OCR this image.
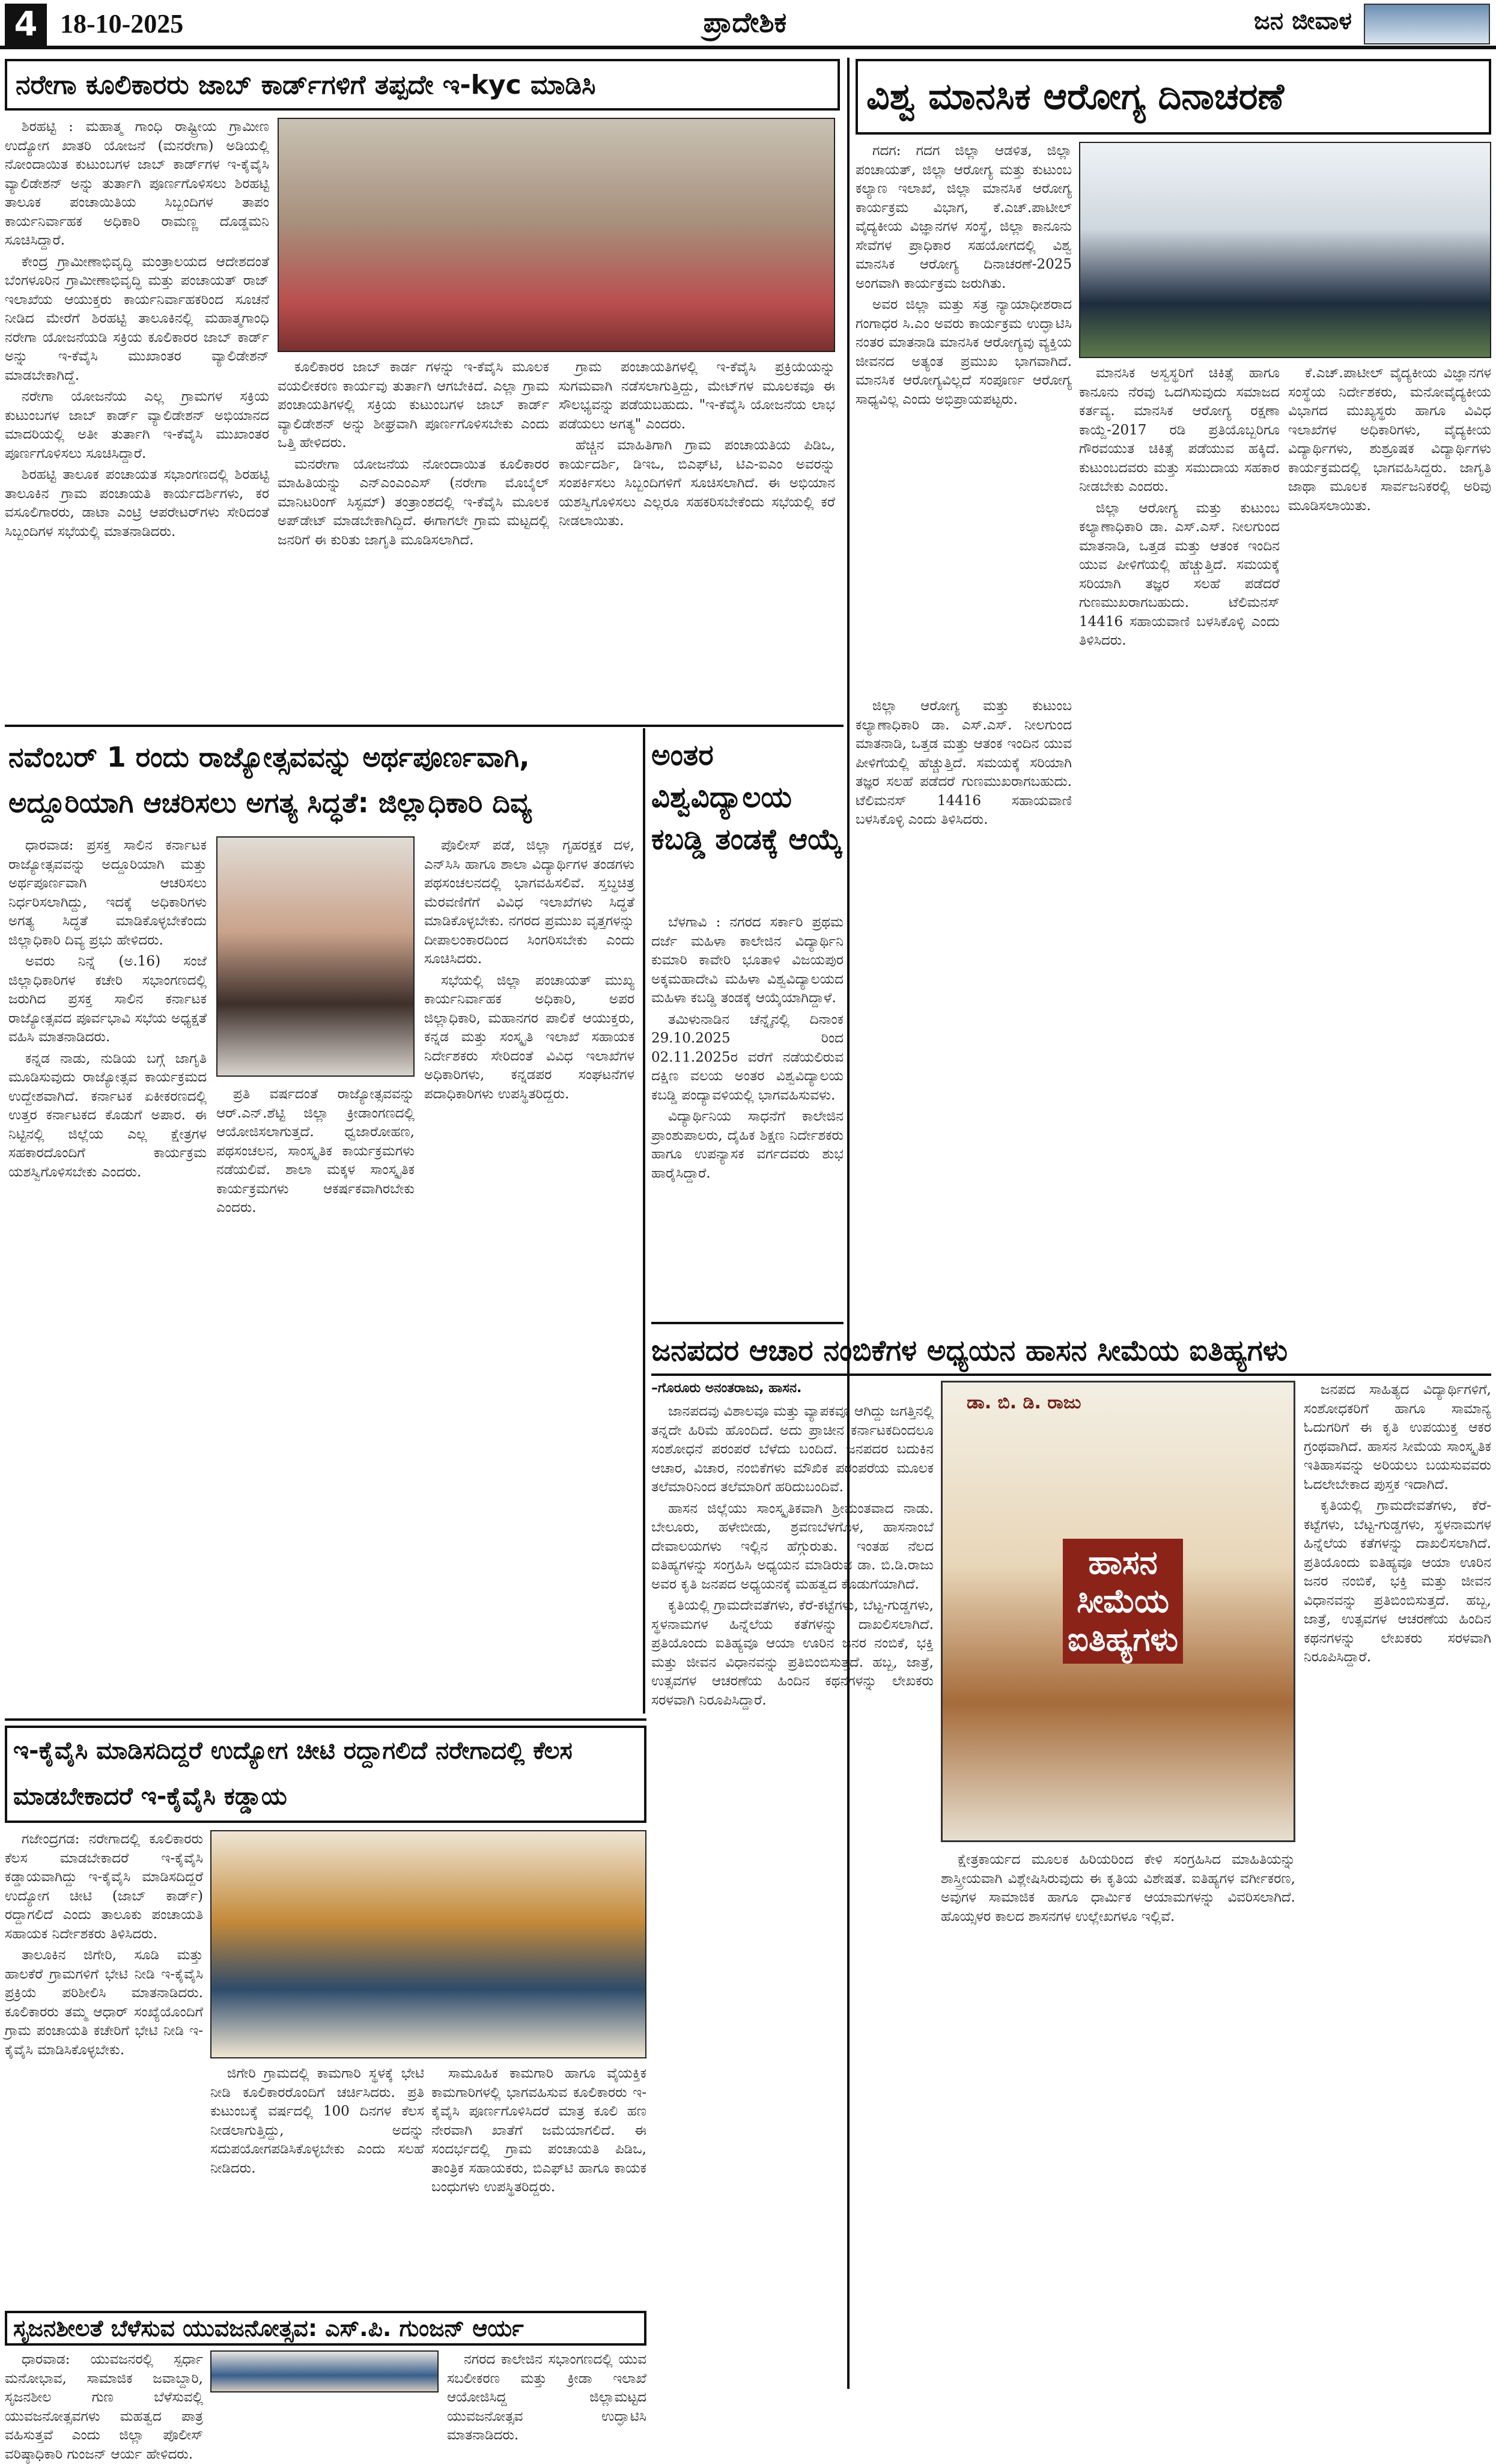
4 18-10-2025	ಪ್ರಾದೇಶಿಕ	ಜನ ಜೀವಾಳ
ನರೇಗಾ ಕೂಲಿಕಾರರು ಜಾಬ್ ಕಾರ್ಡ್‌ಗಳಿಗೆ ತಪ್ಪದೇ ಇ-kyc ಮಾಡಿಸಿ

ಶಿರಹಟ್ಟಿ : ಮಹಾತ್ಮ ಗಾಂಧಿ ರಾಷ್ಟ್ರೀಯ ಗ್ರಾಮೀಣ ಉದ್ಯೋಗ ಖಾತರಿ ಯೋಜನೆ (ಮನರೇಗಾ) ಅಡಿಯಲ್ಲಿ ನೋಂದಾಯಿತ ಕುಟುಂಬಗಳ ಜಾಬ್ ಕಾರ್ಡ್‌ಗಳ ಇ-ಕೈವೈಸಿ ವ್ಯಾಲಿಡೇಶನ್ ಅನ್ನು ತುರ್ತಾಗಿ ಪೂರ್ಣಗೊಳಿಸಲು ಶಿರಹಟ್ಟಿ ತಾಲೂಕ ಪಂಚಾಯಿತಿಯ ಸಿಬ್ಬಂದಿಗಳ ತಾಪಂ ಕಾರ್ಯನಿರ್ವಾಹಕ ಅಧಿಕಾರಿ ರಾಮಣ್ಣ ದೊಡ್ಡಮನಿ ಸೂಚಿಸಿದ್ದಾರೆ.

ಕೇಂದ್ರ ಗ್ರಾಮೀಣಾಭಿವೃದ್ಧಿ ಮಂತ್ರಾಲಯದ ಆದೇಶದಂತೆ ಬೆಂಗಳೂರಿನ ಗ್ರಾಮೀಣಾಭಿವೃದ್ಧಿ ಮತ್ತು ಪಂಚಾಯತ್ ರಾಜ್ ಇಲಾಖೆಯ ಆಯುಕ್ತರು ಕಾರ್ಯನಿರ್ವಾಹಕರಿಂದ ಸೂಚನೆ ನೀಡಿದ ಮೇರೆಗೆ ಶಿರಹಟ್ಟಿ ತಾಲೂಕಿನಲ್ಲಿ ಮಹಾತ್ಮಗಾಂಧಿ ನರೇಗಾ ಯೋಜನೆಯಡಿ ಸಕ್ರಿಯ ಕೂಲಿಕಾರರ ಜಾಬ್ ಕಾರ್ಡ್ ಅನ್ನು ಇ-ಕೆವೈಸಿ ಮುಖಾಂತರ ವ್ಯಾಲಿಡೇಶನ್ ಮಾಡಬೇಕಾಗಿದ್ದೆ.

ನರೇಗಾ ಯೋಜನೆಯ ಎಲ್ಲ ಗ್ರಾಮಗಳ ಸಕ್ರಿಯ ಕುಟುಂಬಗಳ ಜಾಬ್ ಕಾರ್ಡ್ ವ್ಯಾಲಿಡೇಶನ್ ಅಭಿಯಾನದ ಮಾದರಿಯಲ್ಲಿ ಅತೀ ತುರ್ತಾಗಿ ಇ-ಕೆವೈಸಿ ಮುಖಾಂತರ ಪೂರ್ಣಗೊಳಿಸಲು ಸೂಚಿಸಿದ್ದಾರೆ.

ಶಿರಹಟ್ಟಿ ತಾಲೂಕ ಪಂಚಾಯತ ಸಭಾಂಗಣದಲ್ಲಿ ಶಿರಹಟ್ಟಿ ತಾಲೂಕಿನ ಗ್ರಾಮ ಪಂಚಾಯತಿ ಕಾರ್ಯದರ್ಶಿಗಳು, ಕರ ವಸೂಲಿಗಾರರು, ಡಾಟಾ ಎಂಟ್ರಿ ಆಪರೇಟರ್‌ಗಳು ಸೇರಿದಂತೆ ಸಿಬ್ಬಂದಿಗಳ ಸಭೆಯಲ್ಲಿ ಮಾತನಾಡಿದರು.

ಕೂಲಿಕಾರರ ಜಾಬ್ ಕಾರ್ಡ ಗಳನ್ನು ಇ-ಕೆವೈಸಿ ಮೂಲಕ ವಯಲೀಕರಣ ಕಾರ್ಯವು ತುರ್ತಾಗಿ ಆಗಬೇಕಿದೆ. ಎಲ್ಲಾ ಗ್ರಾಮ ಪಂಚಾಯತಿಗಳಲ್ಲಿ ಸಕ್ರಿಯ ಕುಟುಂಬಗಳ ಜಾಬ್ ಕಾರ್ಡ್ ವ್ಯಾಲಿಡೇಶನ್ ಅನ್ನು ಶೀಘ್ರವಾಗಿ ಪೂರ್ಣಗೊಳಿಸಬೇಕು ಎಂದು ಒತ್ತಿ ಹೇಳಿದರು.

ಮನರೇಗಾ ಯೋಜನೆಯ ನೋಂದಾಯಿತ ಕೂಲಿಕಾರರ ಮಾಹಿತಿಯನ್ನು ಎನ್‌ಎಂಎಂಎಸ್ (ನರೇಗಾ ಮೊಬೈಲ್ ಮಾನಿಟರಿಂಗ್ ಸಿಸ್ಟಮ್) ತಂತ್ರಾಂಶದಲ್ಲಿ ಇ-ಕೆವೈಸಿ ಮೂಲಕ ಅಪ್‌ಡೇಟ್ ಮಾಡಬೇಕಾಗಿದ್ದಿದೆ. ಈಗಾಗಲೇ ಗ್ರಾಮ ಮಟ್ಟದಲ್ಲಿ ಜನರಿಗೆ ಈ ಕುರಿತು ಜಾಗೃತಿ ಮೂಡಿಸಲಾಗಿದೆ.

ಗ್ರಾಮ ಪಂಚಾಯತಿಗಳಲ್ಲಿ ಇ-ಕೆವೈಸಿ ಪ್ರಕ್ರಿಯೆಯನ್ನು ಸುಗಮವಾಗಿ ನಡೆಸಲಾಗುತ್ತಿದ್ದು, ಮೇಟ್‌ಗಳ ಮೂಲಕವೂ ಈ ಸೌಲಭ್ಯವನ್ನು ಪಡೆಯಬಹುದು. "ಇ-ಕೆವೈಸಿ ಯೋಜನೆಯ ಲಾಭ ಪಡೆಯಲು ಅಗತ್ಯ" ಎಂದರು.

ಹೆಚ್ಚಿನ ಮಾಹಿತಿಗಾಗಿ ಗ್ರಾಮ ಪಂಚಾಯತಿಯ ಪಿಡಿಒ, ಕಾರ್ಯದರ್ಶಿ, ಡಿಇಒ, ಬಿಎಫ್‌ಟಿ, ಟಿಎ-ಐಎಂ ಅವರನ್ನು ಸಂಪರ್ಕಿಸಲು ಸಿಬ್ಬಂದಿಗಳಿಗೆ ಸೂಚಿಸಲಾಗಿದೆ. ಈ ಅಭಿಯಾನ ಯಶಸ್ವಿಗೊಳಿಸಲು ಎಲ್ಲರೂ ಸಹಕರಿಸಬೇಕೆಂದು ಸಭೆಯಲ್ಲಿ ಕರೆ ನೀಡಲಾಯಿತು.

ವಿಶ್ವ ಮಾನಸಿಕ ಆರೋಗ್ಯ ದಿನಾಚರಣೆ

ಗದಗ: ಗದಗ ಜಿಲ್ಲಾ ಆಡಳಿತ, ಜಿಲ್ಲಾ ಪಂಚಾಯತ್, ಜಿಲ್ಲಾ ಆರೋಗ್ಯ ಮತ್ತು ಕುಟುಂಬ ಕಲ್ಯಾಣ ಇಲಾಖೆ, ಜಿಲ್ಲಾ ಮಾನಸಿಕ ಆರೋಗ್ಯ ಕಾರ್ಯಕ್ರಮ ವಿಭಾಗ, ಕೆ.ಎಚ್.ಪಾಟೀಲ್ ವೈದ್ಯಕೀಯ ವಿಜ್ಞಾನಗಳ ಸಂಸ್ಥೆ, ಜಿಲ್ಲಾ ಕಾನೂನು ಸೇವೆಗಳ ಪ್ರಾಧಿಕಾರ ಸಹಯೋಗದಲ್ಲಿ ವಿಶ್ವ ಮಾನಸಿಕ ಆರೋಗ್ಯ ದಿನಾಚರಣೆ-2025 ಅಂಗವಾಗಿ ಕಾರ್ಯಕ್ರಮ ಜರುಗಿತು.

ಅವರ ಜಿಲ್ಲಾ ಮತ್ತು ಸತ್ರ ನ್ಯಾಯಾಧೀಶರಾದ ಗಂಗಾಧರ ಸಿ.ಎಂ ಅವರು ಕಾರ್ಯಕ್ರಮ ಉದ್ಘಾಟಿಸಿ ನಂತರ ಮಾತನಾಡಿ ಮಾನಸಿಕ ಆರೋಗ್ಯವು ವ್ಯಕ್ತಿಯ ಜೀವನದ ಅತ್ಯಂತ ಪ್ರಮುಖ ಭಾಗವಾಗಿದೆ. ಮಾನಸಿಕ ಆರೋಗ್ಯವಿಲ್ಲದೆ ಸಂಪೂರ್ಣ ಆರೋಗ್ಯ ಸಾಧ್ಯವಿಲ್ಲ ಎಂದು ಅಭಿಪ್ರಾಯಪಟ್ಟರು.

ಮಾನಸಿಕ ಅಸ್ವಸ್ಥರಿಗೆ ಚಿಕಿತ್ಸೆ ಹಾಗೂ ಕಾನೂನು ನೆರವು ಒದಗಿಸುವುದು ಸಮಾಜದ ಕರ್ತವ್ಯ. ಮಾನಸಿಕ ಆರೋಗ್ಯ ರಕ್ಷಣಾ ಕಾಯ್ದೆ-2017 ರಡಿ ಪ್ರತಿಯೊಬ್ಬರಿಗೂ ಗೌರವಯುತ ಚಿಕಿತ್ಸೆ ಪಡೆಯುವ ಹಕ್ಕಿದೆ. ಕುಟುಂಬದವರು ಮತ್ತು ಸಮುದಾಯ ಸಹಕಾರ ನೀಡಬೇಕು ಎಂದರು.

ಜಿಲ್ಲಾ ಆರೋಗ್ಯ ಮತ್ತು ಕುಟುಂಬ ಕಲ್ಯಾಣಾಧಿಕಾರಿ ಡಾ. ಎಸ್.ಎಸ್. ನೀಲಗುಂದ ಮಾತನಾಡಿ, ಒತ್ತಡ ಮತ್ತು ಆತಂಕ ಇಂದಿನ ಯುವ ಪೀಳಿಗೆಯಲ್ಲಿ ಹೆಚ್ಚುತ್ತಿದೆ. ಸಮಯಕ್ಕೆ ಸರಿಯಾಗಿ ತಜ್ಞರ ಸಲಹೆ ಪಡೆದರೆ ಗುಣಮುಖರಾಗಬಹುದು. ಟೆಲಿಮನಸ್ 14416 ಸಹಾಯವಾಣಿ ಬಳಸಿಕೊಳ್ಳಿ ಎಂದು ತಿಳಿಸಿದರು.

ಕೆ.ಎಚ್.ಪಾಟೀಲ್ ವೈದ್ಯಕೀಯ ವಿಜ್ಞಾನಗಳ ಸಂಸ್ಥೆಯ ನಿರ್ದೇಶಕರು, ಮನೋವೈದ್ಯಕೀಯ ವಿಭಾಗದ ಮುಖ್ಯಸ್ಥರು ಹಾಗೂ ವಿವಿಧ ಇಲಾಖೆಗಳ ಅಧಿಕಾರಿಗಳು, ವೈದ್ಯಕೀಯ ವಿದ್ಯಾರ್ಥಿಗಳು, ಶುಶ್ರೂಷಕ ವಿದ್ಯಾರ್ಥಿಗಳು ಕಾರ್ಯಕ್ರಮದಲ್ಲಿ ಭಾಗವಹಿಸಿದ್ದರು. ಜಾಗೃತಿ ಜಾಥಾ ಮೂಲಕ ಸಾರ್ವಜನಿಕರಲ್ಲಿ ಅರಿವು ಮೂಡಿಸಲಾಯಿತು.

ಜಿಲ್ಲಾ ಆರೋಗ್ಯ ಮತ್ತು ಕುಟುಂಬ ಕಲ್ಯಾಣಾಧಿಕಾರಿ ಡಾ. ಎಸ್.ಎಸ್. ನೀಲಗುಂದ ಮಾತನಾಡಿ, ಒತ್ತಡ ಮತ್ತು ಆತಂಕ ಇಂದಿನ ಯುವ ಪೀಳಿಗೆಯಲ್ಲಿ ಹೆಚ್ಚುತ್ತಿದೆ. ಸಮಯಕ್ಕೆ ಸರಿಯಾಗಿ ತಜ್ಞರ ಸಲಹೆ ಪಡೆದರೆ ಗುಣಮುಖರಾಗಬಹುದು. ಟೆಲಿಮನಸ್ 14416 ಸಹಾಯವಾಣಿ ಬಳಸಿಕೊಳ್ಳಿ ಎಂದು ತಿಳಿಸಿದರು.

ನವೆಂಬರ್ 1 ರಂದು ರಾಜ್ಯೋತ್ಸವವನ್ನು ಅರ್ಥಪೂರ್ಣವಾಗಿ, ಅದ್ದೂರಿಯಾಗಿ ಆಚರಿಸಲು ಅಗತ್ಯ ಸಿದ್ಧತೆ: ಜಿಲ್ಲಾಧಿಕಾರಿ ದಿವ್ಯ

ಧಾರವಾಡ: ಪ್ರಸಕ್ತ ಸಾಲಿನ ಕರ್ನಾಟಕ ರಾಜ್ಯೋತ್ಸವವನ್ನು ಅದ್ದೂರಿಯಾಗಿ ಮತ್ತು ಅರ್ಥಪೂರ್ಣವಾಗಿ ಆಚರಿಸಲು ನಿರ್ಧರಿಸಲಾಗಿದ್ದು, ಇದಕ್ಕೆ ಅಧಿಕಾರಿಗಳು ಅಗತ್ಯ ಸಿದ್ಧತೆ ಮಾಡಿಕೊಳ್ಳಬೇಕೆಂದು ಜಿಲ್ಲಾಧಿಕಾರಿ ದಿವ್ಯ ಪ್ರಭು ಹೇಳಿದರು.

ಅವರು ನಿನ್ನೆ (ಅ.16) ಸಂಜೆ ಜಿಲ್ಲಾಧಿಕಾರಿಗಳ ಕಚೇರಿ ಸಭಾಂಗಣದಲ್ಲಿ ಜರುಗಿದ ಪ್ರಸಕ್ತ ಸಾಲಿನ ಕರ್ನಾಟಕ ರಾಜ್ಯೋತ್ಸವದ ಪೂರ್ವಭಾವಿ ಸಭೆಯ ಅಧ್ಯಕ್ಷತೆ ವಹಿಸಿ ಮಾತನಾಡಿದರು.

ಕನ್ನಡ ನಾಡು, ನುಡಿಯ ಬಗ್ಗೆ ಜಾಗೃತಿ ಮೂಡಿಸುವುದು ರಾಜ್ಯೋತ್ಸವ ಕಾರ್ಯಕ್ರಮದ ಉದ್ದೇಶವಾಗಿದೆ. ಕರ್ನಾಟಕ ಏಕೀಕರಣದಲ್ಲಿ ಉತ್ತರ ಕರ್ನಾಟಕದ ಕೊಡುಗೆ ಅಪಾರ. ಈ ನಿಟ್ಟಿನಲ್ಲಿ ಜಿಲ್ಲೆಯ ಎಲ್ಲ ಕ್ಷೇತ್ರಗಳ ಸಹಕಾರದೊಂದಿಗೆ ಕಾರ್ಯಕ್ರಮ ಯಶಸ್ವಿಗೊಳಿಸಬೇಕು ಎಂದರು.

ಪ್ರತಿ ವರ್ಷದಂತೆ ರಾಜ್ಯೋತ್ಸವವನ್ನು ಆರ್.ಎನ್.ಶೆಟ್ಟಿ ಜಿಲ್ಲಾ ಕ್ರೀಡಾಂಗಣದಲ್ಲಿ ಆಯೋಜಿಸಲಾಗುತ್ತದೆ. ಧ್ವಜಾರೋಹಣ, ಪಥಸಂಚಲನ, ಸಾಂಸ್ಕೃತಿಕ ಕಾರ್ಯಕ್ರಮಗಳು ನಡೆಯಲಿವೆ. ಶಾಲಾ ಮಕ್ಕಳ ಸಾಂಸ್ಕೃತಿಕ ಕಾರ್ಯಕ್ರಮಗಳು ಆಕರ್ಷಕವಾಗಿರಬೇಕು ಎಂದರು.

ಪೊಲೀಸ್ ಪಡೆ, ಜಿಲ್ಲಾ ಗೃಹರಕ್ಷಕ ದಳ, ಎನ್‌ಸಿಸಿ ಹಾಗೂ ಶಾಲಾ ವಿದ್ಯಾರ್ಥಿಗಳ ತಂಡಗಳು ಪಥಸಂಚಲನದಲ್ಲಿ ಭಾಗವಹಿಸಲಿವೆ. ಸ್ತಬ್ಧಚಿತ್ರ ಮೆರವಣಿಗೆಗೆ ವಿವಿಧ ಇಲಾಖೆಗಳು ಸಿದ್ಧತೆ ಮಾಡಿಕೊಳ್ಳಬೇಕು. ನಗರದ ಪ್ರಮುಖ ವೃತ್ತಗಳನ್ನು ದೀಪಾಲಂಕಾರದಿಂದ ಸಿಂಗರಿಸಬೇಕು ಎಂದು ಸೂಚಿಸಿದರು.

ಸಭೆಯಲ್ಲಿ ಜಿಲ್ಲಾ ಪಂಚಾಯತ್ ಮುಖ್ಯ ಕಾರ್ಯನಿರ್ವಾಹಕ ಅಧಿಕಾರಿ, ಅಪರ ಜಿಲ್ಲಾಧಿಕಾರಿ, ಮಹಾನಗರ ಪಾಲಿಕೆ ಆಯುಕ್ತರು, ಕನ್ನಡ ಮತ್ತು ಸಂಸ್ಕೃತಿ ಇಲಾಖೆ ಸಹಾಯಕ ನಿರ್ದೇಶಕರು ಸೇರಿದಂತೆ ವಿವಿಧ ಇಲಾಖೆಗಳ ಅಧಿಕಾರಿಗಳು, ಕನ್ನಡಪರ ಸಂಘಟನೆಗಳ ಪದಾಧಿಕಾರಿಗಳು ಉಪಸ್ಥಿತರಿದ್ದರು.

ಅಂತರ ವಿಶ್ವವಿದ್ಯಾಲಯ ಕಬಡ್ಡಿ ತಂಡಕ್ಕೆ ಆಯ್ಕೆ

ಬೆಳಗಾವಿ : ನಗರದ ಸರ್ಕಾರಿ ಪ್ರಥಮ ದರ್ಜೆ ಮಹಿಳಾ ಕಾಲೇಜಿನ ವಿದ್ಯಾರ್ಥಿನಿ ಕುಮಾರಿ ಕಾವೇರಿ ಭೂತಾಳಿ ವಿಜಯಪುರ ಅಕ್ಕಮಹಾದೇವಿ ಮಹಿಳಾ ವಿಶ್ವವಿದ್ಯಾಲಯದ ಮಹಿಳಾ ಕಬಡ್ಡಿ ತಂಡಕ್ಕೆ ಆಯ್ಕೆಯಾಗಿದ್ದಾಳೆ.

ತಮಿಳುನಾಡಿನ ಚೆನ್ನೈನಲ್ಲಿ ದಿನಾಂಕ 29.10.2025 ರಿಂದ 02.11.2025ರ ವರೆಗೆ ನಡೆಯಲಿರುವ ದಕ್ಷಿಣ ವಲಯ ಅಂತರ ವಿಶ್ವವಿದ್ಯಾಲಯ ಕಬಡ್ಡಿ ಪಂದ್ಯಾವಳಿಯಲ್ಲಿ ಭಾಗವಹಿಸುವಳು.

ವಿದ್ಯಾರ್ಥಿನಿಯ ಸಾಧನೆಗೆ ಕಾಲೇಜಿನ ಪ್ರಾಂಶುಪಾಲರು, ದೈಹಿಕ ಶಿಕ್ಷಣ ನಿರ್ದೇಶಕರು ಹಾಗೂ ಉಪನ್ಯಾಸಕ ವರ್ಗದವರು ಶುಭ ಹಾರೈಸಿದ್ದಾರೆ.

ಜನಪದರ ಆಚಾರ ನಂಬಿಕೆಗಳ ಅಧ್ಯಯನ ಹಾಸನ ಸೀಮೆಯ ಐತಿಹ್ಯಗಳು
–ಗೊರೂರು ಅನಂತರಾಜು, ಹಾಸನ.

ಜಾನಪದವು ವಿಶಾಲವೂ ಮತ್ತು ವ್ಯಾಪಕವೂ ಆಗಿದ್ದು ಜಗತ್ತಿನಲ್ಲಿ ತನ್ನದೇ ಹಿರಿಮೆ ಹೊಂದಿದೆ. ಅದು ಪ್ರಾಚೀನ ಕರ್ನಾಟಕದಿಂದಲೂ ಸಂಶೋಧನೆ ಪರಂಪರೆ ಬೆಳೆದು ಬಂದಿದೆ. ಜನಪದರ ಬದುಕಿನ ಆಚಾರ, ವಿಚಾರ, ನಂಬಿಕೆಗಳು ಮೌಖಿಕ ಪರಂಪರೆಯ ಮೂಲಕ ತಲೆಮಾರಿನಿಂದ ತಲೆಮಾರಿಗೆ ಹರಿದುಬಂದಿವೆ.

ಹಾಸನ ಜಿಲ್ಲೆಯು ಸಾಂಸ್ಕೃತಿಕವಾಗಿ ಶ್ರೀಮಂತವಾದ ನಾಡು. ಬೇಲೂರು, ಹಳೇಬೀಡು, ಶ್ರವಣಬೆಳಗೊಳ, ಹಾಸನಾಂಬೆ ದೇವಾಲಯಗಳು ಇಲ್ಲಿನ ಹೆಗ್ಗುರುತು. ಇಂತಹ ನೆಲದ ಐತಿಹ್ಯಗಳನ್ನು ಸಂಗ್ರಹಿಸಿ ಅಧ್ಯಯನ ಮಾಡಿರುವ ಡಾ. ಬಿ.ಡಿ.ರಾಜು ಅವರ ಕೃತಿ ಜನಪದ ಅಧ್ಯಯನಕ್ಕೆ ಮಹತ್ವದ ಕೊಡುಗೆಯಾಗಿದೆ.

ಕೃತಿಯಲ್ಲಿ ಗ್ರಾಮದೇವತೆಗಳು, ಕೆರೆ-ಕಟ್ಟೆಗಳು, ಬೆಟ್ಟ-ಗುಡ್ಡಗಳು, ಸ್ಥಳನಾಮಗಳ ಹಿನ್ನೆಲೆಯ ಕತೆಗಳನ್ನು ದಾಖಲಿಸಲಾಗಿದೆ. ಪ್ರತಿಯೊಂದು ಐತಿಹ್ಯವೂ ಆಯಾ ಊರಿನ ಜನರ ನಂಬಿಕೆ, ಭಕ್ತಿ ಮತ್ತು ಜೀವನ ವಿಧಾನವನ್ನು ಪ್ರತಿಬಿಂಬಿಸುತ್ತದೆ. ಹಬ್ಬ, ಜಾತ್ರೆ, ಉತ್ಸವಗಳ ಆಚರಣೆಯ ಹಿಂದಿನ ಕಥನಗಳನ್ನು ಲೇಖಕರು ಸರಳವಾಗಿ ನಿರೂಪಿಸಿದ್ದಾರೆ.

ಡಾ. ಬಿ. ಡಿ. ರಾಜು
ಹಾಸನ ಸೀಮೆಯ ಐತಿಹ್ಯಗಳು

ಕ್ಷೇತ್ರಕಾರ್ಯದ ಮೂಲಕ ಹಿರಿಯರಿಂದ ಕೇಳಿ ಸಂಗ್ರಹಿಸಿದ ಮಾಹಿತಿಯನ್ನು ಶಾಸ್ತ್ರೀಯವಾಗಿ ವಿಶ್ಲೇಷಿಸಿರುವುದು ಈ ಕೃತಿಯ ವಿಶೇಷತೆ. ಐತಿಹ್ಯಗಳ ವರ್ಗೀಕರಣ, ಅವುಗಳ ಸಾಮಾಜಿಕ ಹಾಗೂ ಧಾರ್ಮಿಕ ಆಯಾಮಗಳನ್ನು ವಿವರಿಸಲಾಗಿದೆ. ಹೊಯ್ಸಳರ ಕಾಲದ ಶಾಸನಗಳ ಉಲ್ಲೇಖಗಳೂ ಇಲ್ಲಿವೆ.

ಜನಪದ ಸಾಹಿತ್ಯದ ವಿದ್ಯಾರ್ಥಿಗಳಿಗೆ, ಸಂಶೋಧಕರಿಗೆ ಹಾಗೂ ಸಾಮಾನ್ಯ ಓದುಗರಿಗೆ ಈ ಕೃತಿ ಉಪಯುಕ್ತ ಆಕರ ಗ್ರಂಥವಾಗಿದೆ. ಹಾಸನ ಸೀಮೆಯ ಸಾಂಸ್ಕೃತಿಕ ಇತಿಹಾಸವನ್ನು ಅರಿಯಲು ಬಯಸುವವರು ಓದಲೇಬೇಕಾದ ಪುಸ್ತಕ ಇದಾಗಿದೆ.

ಕೃತಿಯಲ್ಲಿ ಗ್ರಾಮದೇವತೆಗಳು, ಕೆರೆ-ಕಟ್ಟೆಗಳು, ಬೆಟ್ಟ-ಗುಡ್ಡಗಳು, ಸ್ಥಳನಾಮಗಳ ಹಿನ್ನೆಲೆಯ ಕತೆಗಳನ್ನು ದಾಖಲಿಸಲಾಗಿದೆ. ಪ್ರತಿಯೊಂದು ಐತಿಹ್ಯವೂ ಆಯಾ ಊರಿನ ಜನರ ನಂಬಿಕೆ, ಭಕ್ತಿ ಮತ್ತು ಜೀವನ ವಿಧಾನವನ್ನು ಪ್ರತಿಬಿಂಬಿಸುತ್ತದೆ. ಹಬ್ಬ, ಜಾತ್ರೆ, ಉತ್ಸವಗಳ ಆಚರಣೆಯ ಹಿಂದಿನ ಕಥನಗಳನ್ನು ಲೇಖಕರು ಸರಳವಾಗಿ ನಿರೂಪಿಸಿದ್ದಾರೆ.

ಇ-ಕೈವೈಸಿ ಮಾಡಿಸದಿದ್ದರೆ ಉದ್ಯೋಗ ಚೀಟಿ ರದ್ದಾಗಲಿದೆ ನರೇಗಾದಲ್ಲಿ ಕೆಲಸ ಮಾಡಬೇಕಾದರೆ ಇ-ಕೈವೈಸಿ ಕಡ್ಡಾಯ

ಗಜೇಂದ್ರಗಡ: ನರೇಗಾದಲ್ಲಿ ಕೂಲಿಕಾರರು ಕೆಲಸ ಮಾಡಬೇಕಾದರೆ ಇ-ಕೈವೈಸಿ ಕಡ್ಡಾಯವಾಗಿದ್ದು ಇ-ಕೈವೈಸಿ ಮಾಡಿಸದಿದ್ದರೆ ಉದ್ಯೋಗ ಚೀಟಿ (ಜಾಬ್ ಕಾರ್ಡ್) ರದ್ದಾಗಲಿದೆ ಎಂದು ತಾಲೂಕು ಪಂಚಾಯತಿ ಸಹಾಯಕ ನಿರ್ದೇಶಕರು ತಿಳಿಸಿದರು.

ತಾಲೂಕಿನ ಜಿಗೇರಿ, ಸೂಡಿ ಮತ್ತು ಹಾಲಕೆರೆ ಗ್ರಾಮಗಳಿಗೆ ಭೇಟಿ ನೀಡಿ ಇ-ಕೈವೈಸಿ ಪ್ರಕ್ರಿಯೆ ಪರಿಶೀಲಿಸಿ ಮಾತನಾಡಿದರು. ಕೂಲಿಕಾರರು ತಮ್ಮ ಆಧಾರ್ ಸಂಖ್ಯೆಯೊಂದಿಗೆ ಗ್ರಾಮ ಪಂಚಾಯತಿ ಕಚೇರಿಗೆ ಭೇಟಿ ನೀಡಿ ಇ-ಕೈವೈಸಿ ಮಾಡಿಸಿಕೊಳ್ಳಬೇಕು.

ಜಿಗೇರಿ ಗ್ರಾಮದಲ್ಲಿ ಕಾಮಗಾರಿ ಸ್ಥಳಕ್ಕೆ ಭೇಟಿ ನೀಡಿ ಕೂಲಿಕಾರರೊಂದಿಗೆ ಚರ್ಚಿಸಿದರು. ಪ್ರತಿ ಕುಟುಂಬಕ್ಕೆ ವರ್ಷದಲ್ಲಿ 100 ದಿನಗಳ ಕೆಲಸ ನೀಡಲಾಗುತ್ತಿದ್ದು, ಅದನ್ನು ಸದುಪಯೋಗಪಡಿಸಿಕೊಳ್ಳಬೇಕು ಎಂದು ಸಲಹೆ ನೀಡಿದರು.

ಸಾಮೂಹಿಕ ಕಾಮಗಾರಿ ಹಾಗೂ ವೈಯಕ್ತಿಕ ಕಾಮಗಾರಿಗಳಲ್ಲಿ ಭಾಗವಹಿಸುವ ಕೂಲಿಕಾರರು ಇ-ಕೈವೈಸಿ ಪೂರ್ಣಗೊಳಿಸಿದರೆ ಮಾತ್ರ ಕೂಲಿ ಹಣ ನೇರವಾಗಿ ಖಾತೆಗೆ ಜಮೆಯಾಗಲಿದೆ. ಈ ಸಂದರ್ಭದಲ್ಲಿ ಗ್ರಾಮ ಪಂಚಾಯತಿ ಪಿಡಿಒ, ತಾಂತ್ರಿಕ ಸಹಾಯಕರು, ಬಿಎಫ್‌ಟಿ ಹಾಗೂ ಕಾಯಕ ಬಂಧುಗಳು ಉಪಸ್ಥಿತರಿದ್ದರು.

ಸೃಜನಶೀಲತೆ ಬೆಳೆಸುವ ಯುವಜನೋತ್ಸವ: ಎಸ್.ಪಿ. ಗುಂಜನ್ ಆರ್ಯ

ಧಾರವಾಡ: ಯುವಜನರಲ್ಲಿ ಸ್ಪರ್ಧಾ ಮನೋಭಾವ, ಸಾಮಾಜಿಕ ಜವಾಬ್ದಾರಿ, ಸೃಜನಶೀಲ ಗುಣ ಬೆಳೆಸುವಲ್ಲಿ ಯುವಜನೋತ್ಸವಗಳು ಮಹತ್ವದ ಪಾತ್ರ ವಹಿಸುತ್ತವೆ ಎಂದು ಜಿಲ್ಲಾ ಪೊಲೀಸ್ ವರಿಷ್ಠಾಧಿಕಾರಿ ಗುಂಜನ್ ಆರ್ಯ ಹೇಳಿದರು.

ನಗರದ ಕಾಲೇಜಿನ ಸಭಾಂಗಣದಲ್ಲಿ ಯುವ ಸಬಲೀಕರಣ ಮತ್ತು ಕ್ರೀಡಾ ಇಲಾಖೆ ಆಯೋಜಿಸಿದ್ದ ಜಿಲ್ಲಾಮಟ್ಟದ ಯುವಜನೋತ್ಸವ ಉದ್ಘಾಟಿಸಿ ಮಾತನಾಡಿದರು.
